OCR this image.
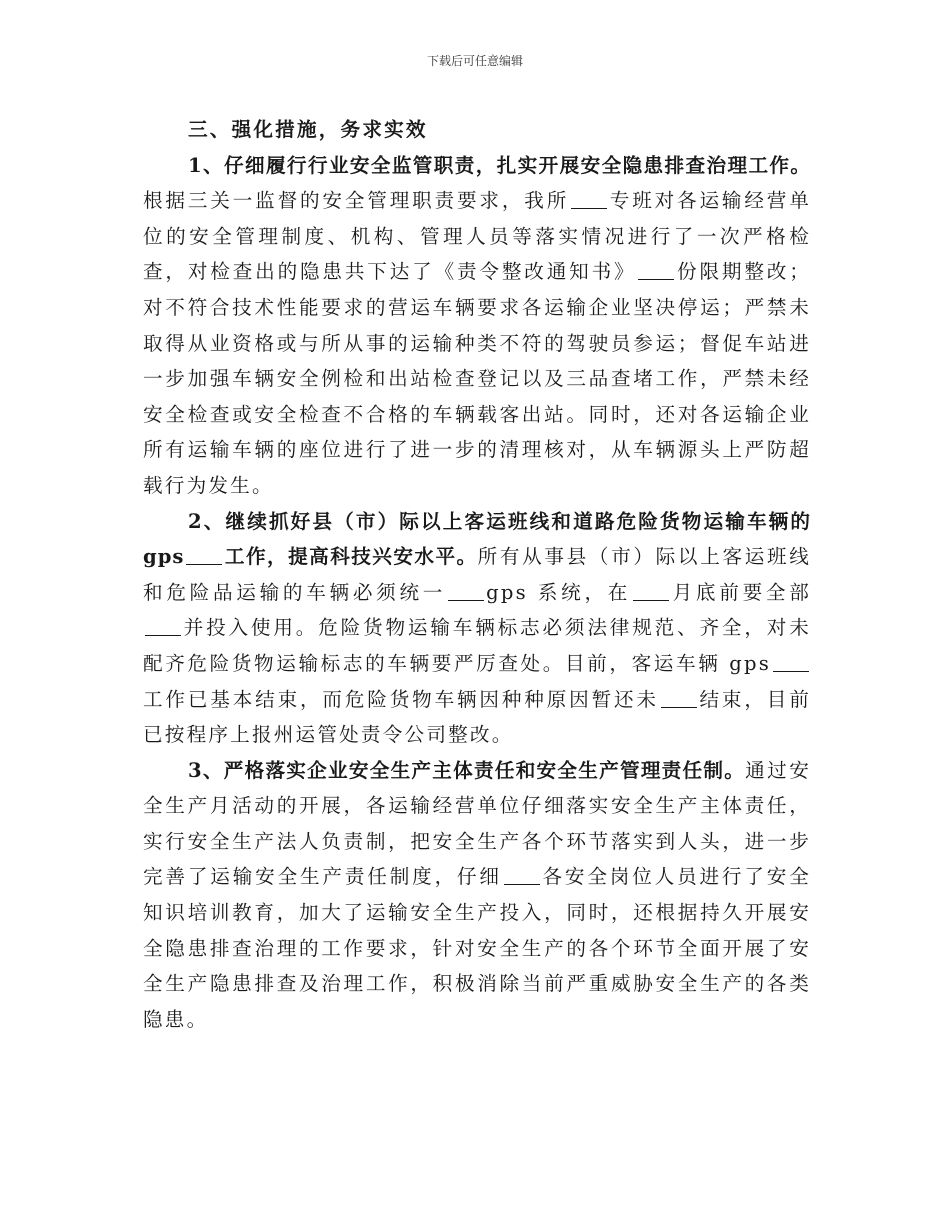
下载后可任意编辑

三、强化措施，务求实效

1、仔细履行行业安全监管职责，扎实开展安全隐患排查治理工作。根据三关一监督的安全管理职责要求，我所 专班对各运输经营单位的安全管理制度、机构、管理人员等落实情况进行了一次严格检查，对检查出的隐患共下达了《责令整改通知书》 份限期整改；对不符合技术性能要求的营运车辆要求各运输企业坚决停运；严禁未取得从业资格或与所从事的运输种类不符的驾驶员参运；督促车站进一步加强车辆安全例检和出站检查登记以及三品查堵工作，严禁未经安全检查或安全检查不合格的车辆载客出站。同时，还对各运输企业所有运输车辆的座位进行了进一步的清理核对，从车辆源头上严防超载行为发生。

2、继续抓好县（市）际以上客运班线和道路危险货物运输车辆的gps 工作，提高科技兴安水平。所有从事县（市）际以上客运班线和危险品运输的车辆必须统一 gps 系统，在 月底前要全部并投入使用。危险货物运输车辆标志必须法律规范、齐全，对未配齐危险货物运输标志的车辆要严厉查处。目前，客运车辆 gps工作已基本结束，而危险货物车辆因种种原因暂还未 结束，目前已按程序上报州运管处责令公司整改。

3、严格落实企业安全生产主体责任和安全生产管理责任制。通过安全生产月活动的开展，各运输经营单位仔细落实安全生产主体责任，实行安全生产法人负责制，把安全生产各个环节落实到人头，进一步完善了运输安全生产责任制度，仔细 各安全岗位人员进行了安全知识培训教育，加大了运输安全生产投入，同时，还根据持久开展安全隐患排查治理的工作要求，针对安全生产的各个环节全面开展了安全生产隐患排查及治理工作，积极消除当前严重威胁安全生产的各类隐患。
